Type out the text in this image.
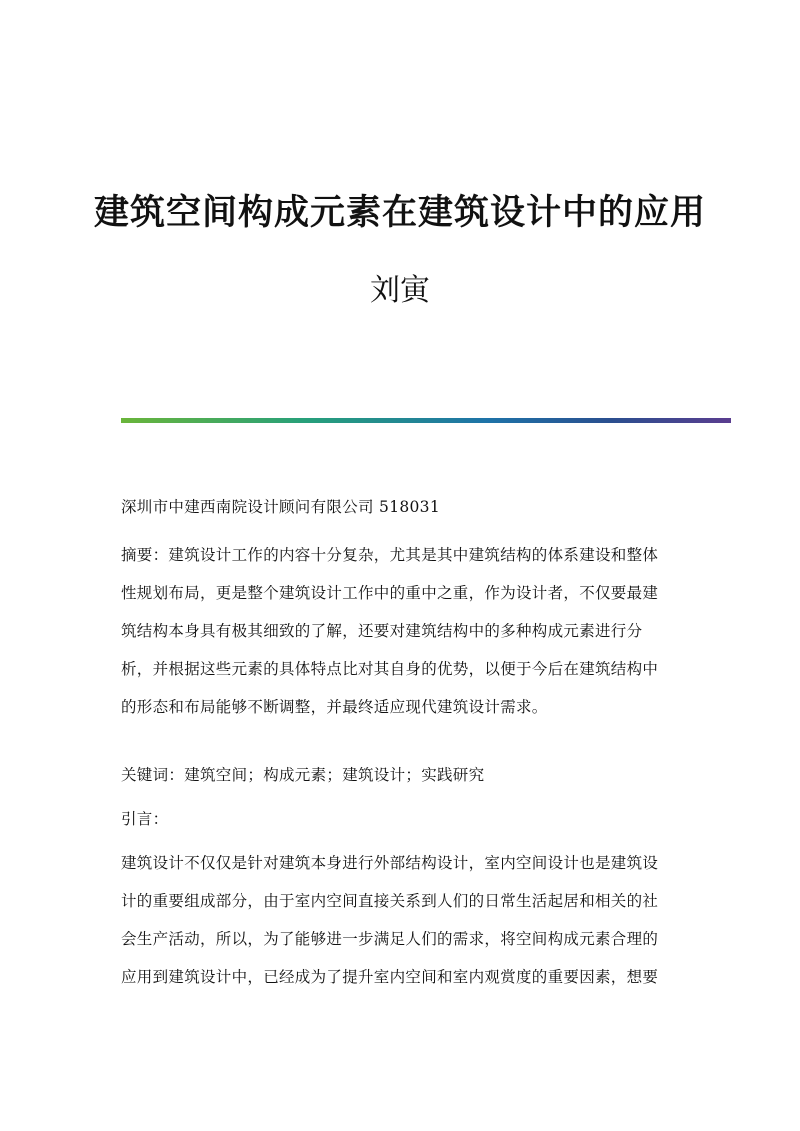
建筑空间构成元素在建筑设计中的应用
刘寅
深圳市中建西南院设计顾问有限公司 518031
摘要：建筑设计工作的内容十分复杂，尤其是其中建筑结构的体系建设和整体
性规划布局，更是整个建筑设计工作中的重中之重，作为设计者，不仅要最建
筑结构本身具有极其细致的了解，还要对建筑结构中的多种构成元素进行分
析，并根据这些元素的具体特点比对其自身的优势，以便于今后在建筑结构中
的形态和布局能够不断调整，并最终适应现代建筑设计需求。
关键词：建筑空间；构成元素；建筑设计；实践研究
引言：
建筑设计不仅仅是针对建筑本身进行外部结构设计，室内空间设计也是建筑设
计的重要组成部分，由于室内空间直接关系到人们的日常生活起居和相关的社
会生产活动，所以，为了能够进一步满足人们的需求，将空间构成元素合理的
应用到建筑设计中，已经成为了提升室内空间和室内观赏度的重要因素，想要
